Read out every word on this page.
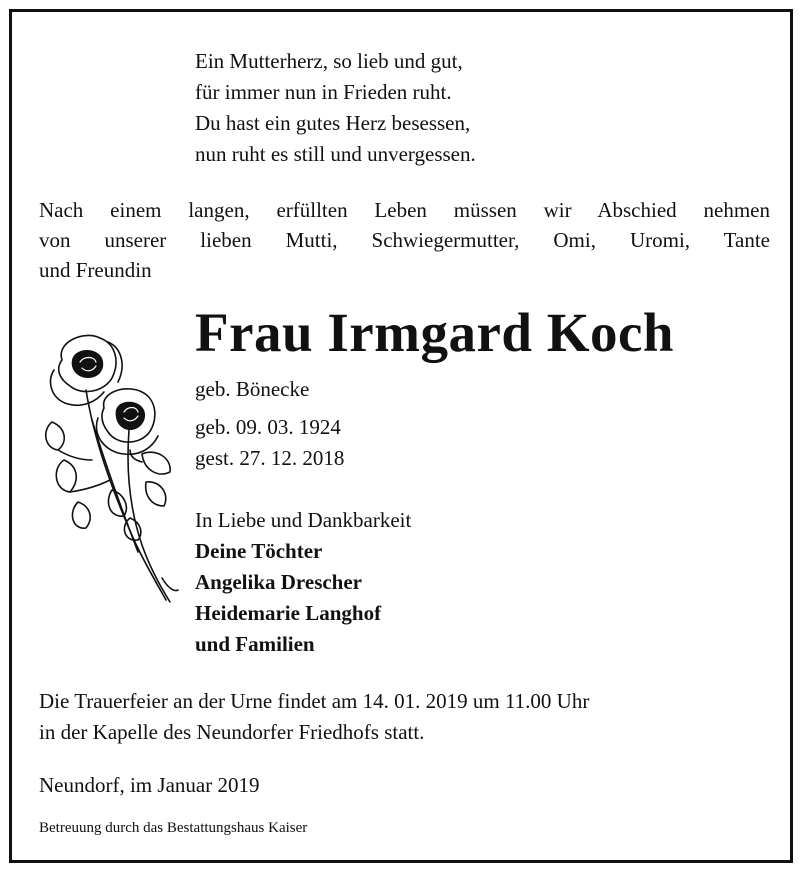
Ein Mutterherz, so lieb und gut,
für immer nun in Frieden ruht.
Du hast ein gutes Herz besessen,
nun ruht es still und unvergessen.
Nach einem langen, erfüllten Leben müssen wir Abschied nehmen
von unserer lieben Mutti, Schwiegermutter, Omi, Uromi, Tante
und Freundin
Frau Irmgard Koch
geb. Bönecke
geb. 09. 03. 1924
gest. 27. 12. 2018
In Liebe und Dankbarkeit
Deine Töchter
Angelika Drescher
Heidemarie Langhof
und Familien
Die Trauerfeier an der Urne findet am 14. 01. 2019 um 11.00 Uhr
in der Kapelle des Neundorfer Friedhofs statt.
Neundorf, im Januar 2019
Betreuung durch das Bestattungshaus Kaiser
